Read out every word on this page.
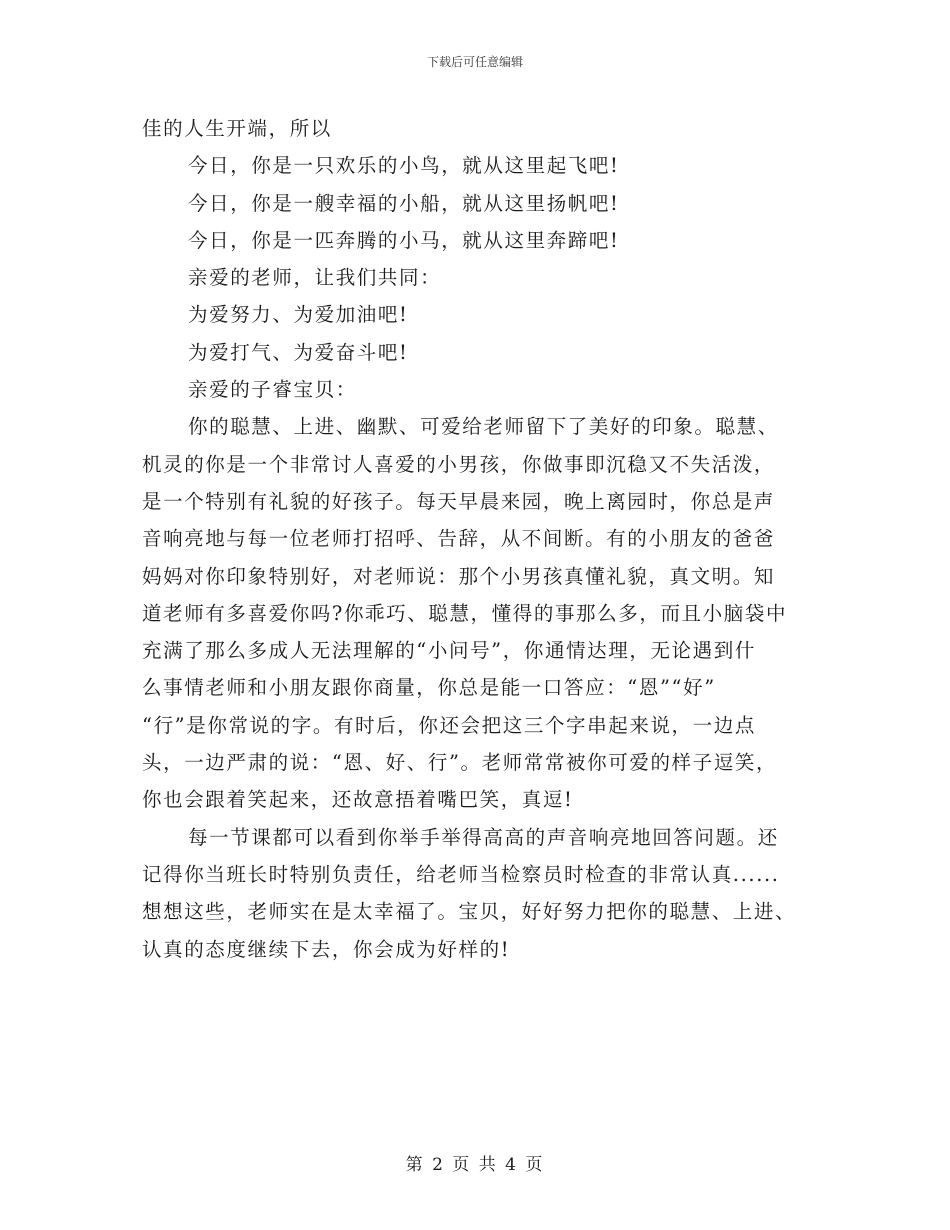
下载后可任意编辑

佳的人生开端，所以

今日，你是一只欢乐的小鸟，就从这里起飞吧!

今日，你是一艘幸福的小船，就从这里扬帆吧!

今日，你是一匹奔腾的小马，就从这里奔蹄吧!

亲爱的老师，让我们共同：

为爱努力、为爱加油吧!

为爱打气、为爱奋斗吧!

亲爱的子睿宝贝：

你的聪慧、上进、幽默、可爱给老师留下了美好的印象。聪慧、

机灵的你是一个非常讨人喜爱的小男孩，你做事即沉稳又不失活泼，

是一个特别有礼貌的好孩子。每天早晨来园，晚上离园时，你总是声

音响亮地与每一位老师打招呼、告辞，从不间断。有的小朋友的爸爸

妈妈对你印象特别好，对老师说：那个小男孩真懂礼貌，真文明。知

道老师有多喜爱你吗?你乖巧、聪慧，懂得的事那么多，而且小脑袋中

充满了那么多成人无法理解的“小问号”，你通情达理，无论遇到什

么事情老师和小朋友跟你商量，你总是能一口答应：“恩”“好”

“行”是你常说的字。有时后，你还会把这三个字串起来说，一边点

头，一边严肃的说：“恩、好、行”。老师常常被你可爱的样子逗笑，

你也会跟着笑起来，还故意捂着嘴巴笑，真逗!

每一节课都可以看到你举手举得高高的声音响亮地回答问题。还

记得你当班长时特别负责任，给老师当检察员时检查的非常认真......

想想这些，老师实在是太幸福了。宝贝，好好努力把你的聪慧、上进、

认真的态度继续下去，你会成为好样的!

第 2 页 共 4 页
